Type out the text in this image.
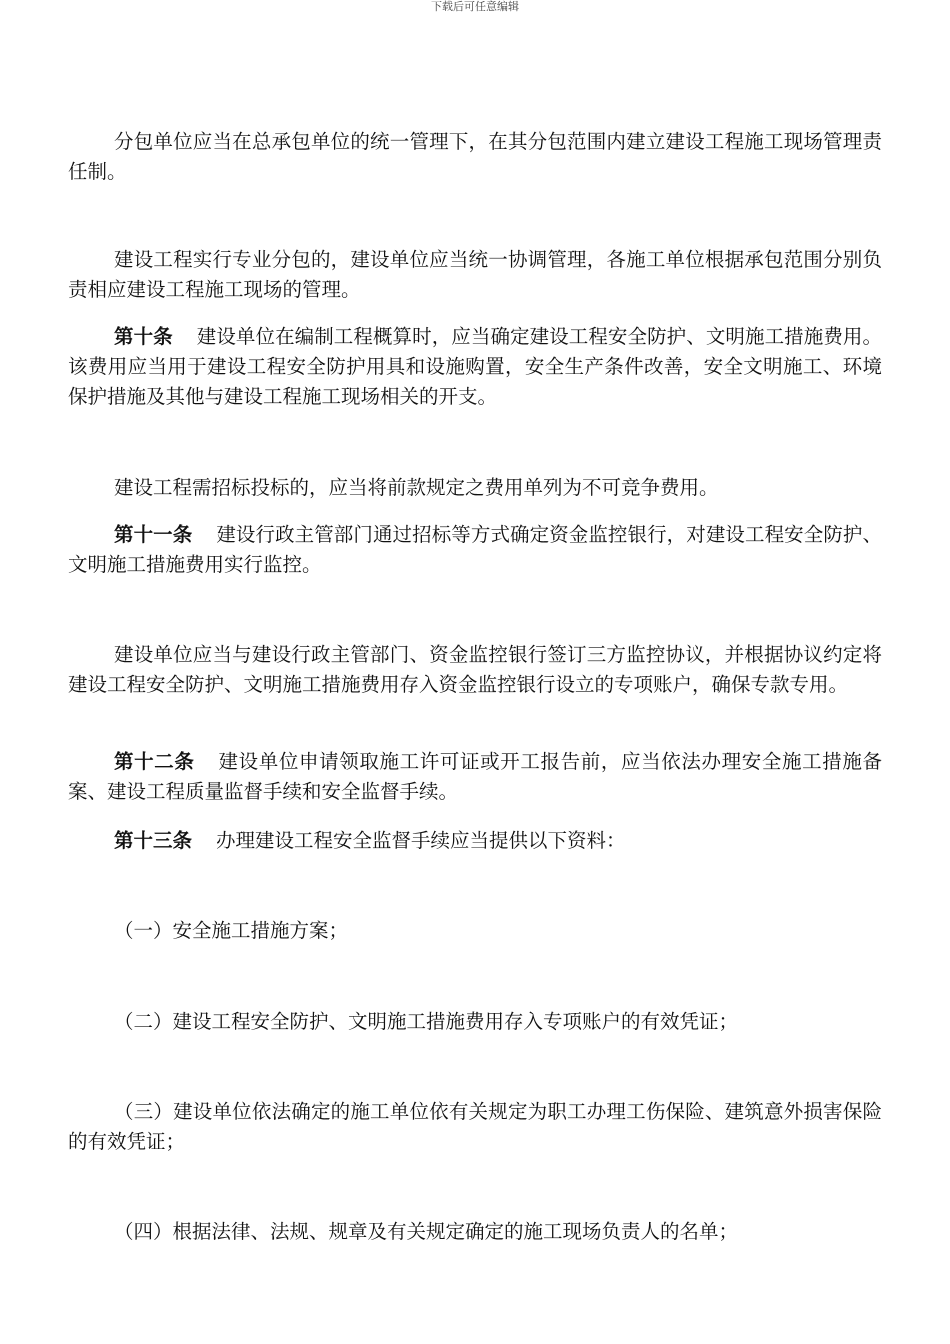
下载后可任意编辑

分包单位应当在总承包单位的统一管理下，在其分包范围内建立建设工程施工现场管理责任制。

建设工程实行专业分包的，建设单位应当统一协调管理，各施工单位根据承包范围分别负责相应建设工程施工现场的管理。

第十条 建设单位在编制工程概算时，应当确定建设工程安全防护、文明施工措施费用。该费用应当用于建设工程安全防护用具和设施购置，安全生产条件改善，安全文明施工、环境保护措施及其他与建设工程施工现场相关的开支。

建设工程需招标投标的，应当将前款规定之费用单列为不可竞争费用。

第十一条 建设行政主管部门通过招标等方式确定资金监控银行，对建设工程安全防护、文明施工措施费用实行监控。

建设单位应当与建设行政主管部门、资金监控银行签订三方监控协议，并根据协议约定将建设工程安全防护、文明施工措施费用存入资金监控银行设立的专项账户，确保专款专用。

第十二条 建设单位申请领取施工许可证或开工报告前，应当依法办理安全施工措施备案、建设工程质量监督手续和安全监督手续。

第十三条 办理建设工程安全监督手续应当提供以下资料：

（一）安全施工措施方案；

（二）建设工程安全防护、文明施工措施费用存入专项账户的有效凭证；

（三）建设单位依法确定的施工单位依有关规定为职工办理工伤保险、建筑意外损害保险的有效凭证；

（四）根据法律、法规、规章及有关规定确定的施工现场负责人的名单；
